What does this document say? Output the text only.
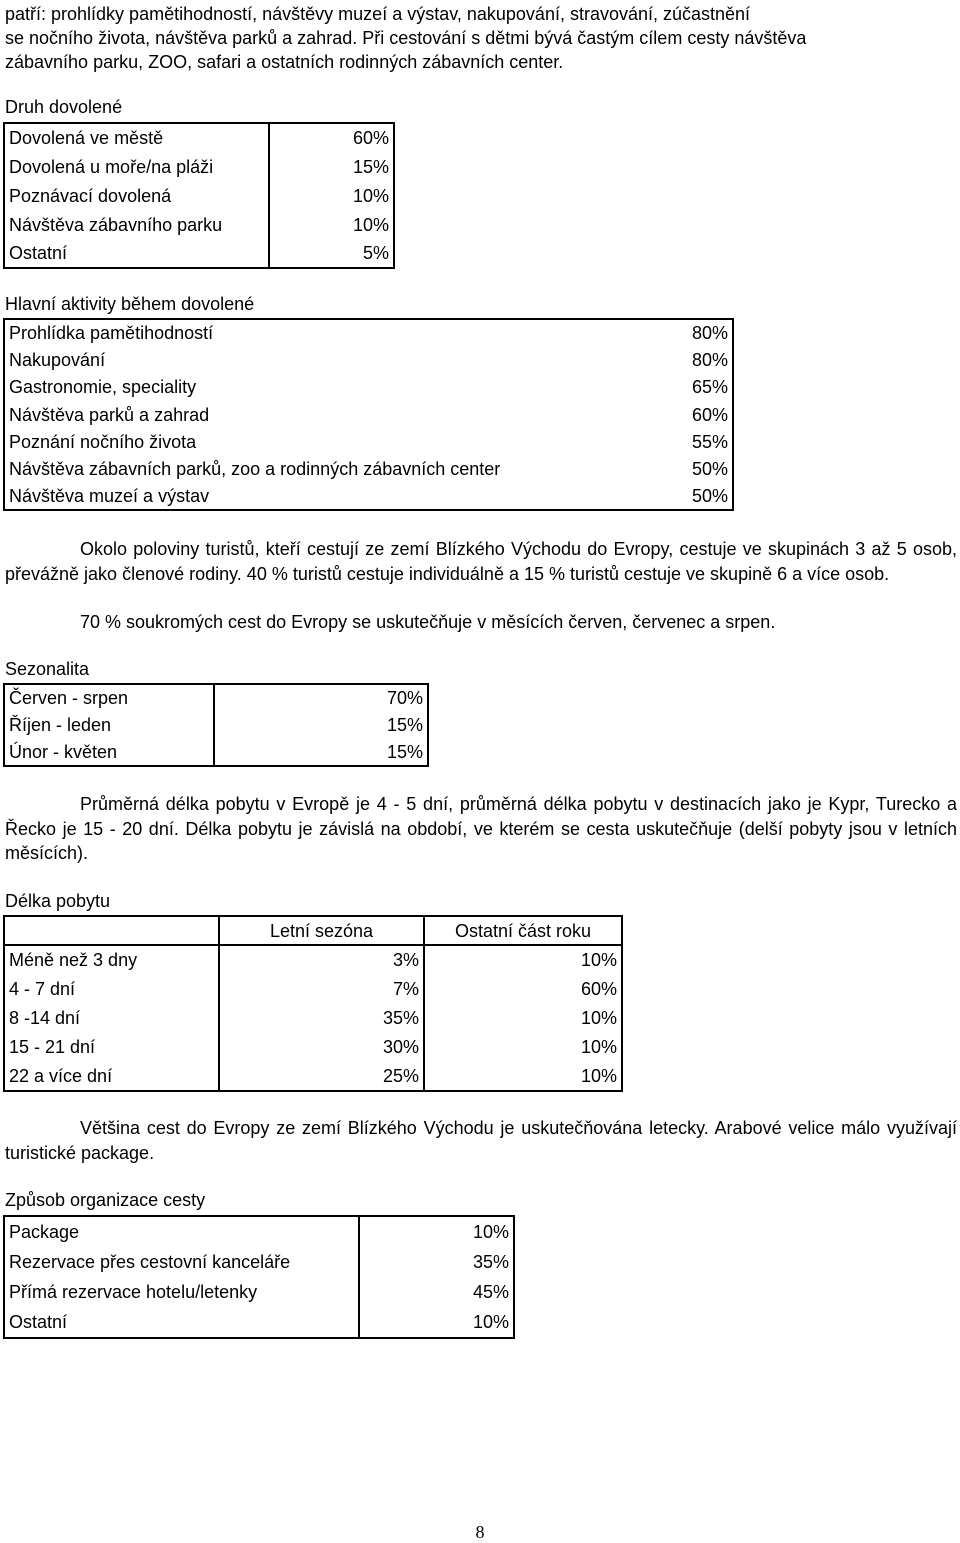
patří: prohlídky pamětihodností, návštěvy muzeí a výstav, nakupování, stravování, zúčastnění

se nočního života, návštěva parků a zahrad. Při cestování s dětmi bývá častým cílem cesty návštěva

zábavního parku, ZOO, safari a ostatních rodinných zábavních center.

Druh dovolené
Dovolená ve městě	60%
Dovolená u moře/na pláži	15%
Poznávací dovolená	10%
Návštěva zábavního parku	10%
Ostatní	5%
Hlavní aktivity během dovolené
Prohlídka pamětihodností	80%
Nakupování	80%
Gastronomie, speciality	65%
Návštěva parků a zahrad	60%
Poznání nočního života	55%
Návštěva zábavních parků, zoo a rodinných zábavních center	50%
Návštěva muzeí a výstav	50%

Okolo poloviny turistů, kteří cestují ze zemí Blízkého Východu do Evropy, cestuje ve skupinách 3 až 5 osob, převážně jako členové rodiny. 40 % turistů cestuje individuálně a 15 % turistů cestuje ve skupině 6 a více osob.

70 % soukromých cest do Evropy se uskutečňuje v měsících červen, červenec a srpen.

Sezonalita
Červen - srpen	70%
Říjen - leden	15%
Únor - květen	15%

Průměrná délka pobytu v Evropě je 4 - 5 dní, průměrná délka pobytu v destinacích jako je Kypr, Turecko a Řecko je 15 - 20 dní. Délka pobytu je závislá na období, ve kterém se cesta uskutečňuje (delší pobyty jsou v letních měsících).

Délka pobytu
	Letní sezóna	Ostatní část roku
Méně než 3 dny	3%	10%
4 - 7 dní	7%	60%
8 -14 dní	35%	10%
15 - 21 dní	30%	10%
22 a více dní	25%	10%

Většina cest do Evropy ze zemí Blízkého Východu je uskutečňována letecky. Arabové velice málo využívají turistické package.

Způsob organizace cesty
Package	10%
Rezervace přes cestovní kanceláře	35%
Přímá rezervace hotelu/letenky	45%
Ostatní	10%
8
